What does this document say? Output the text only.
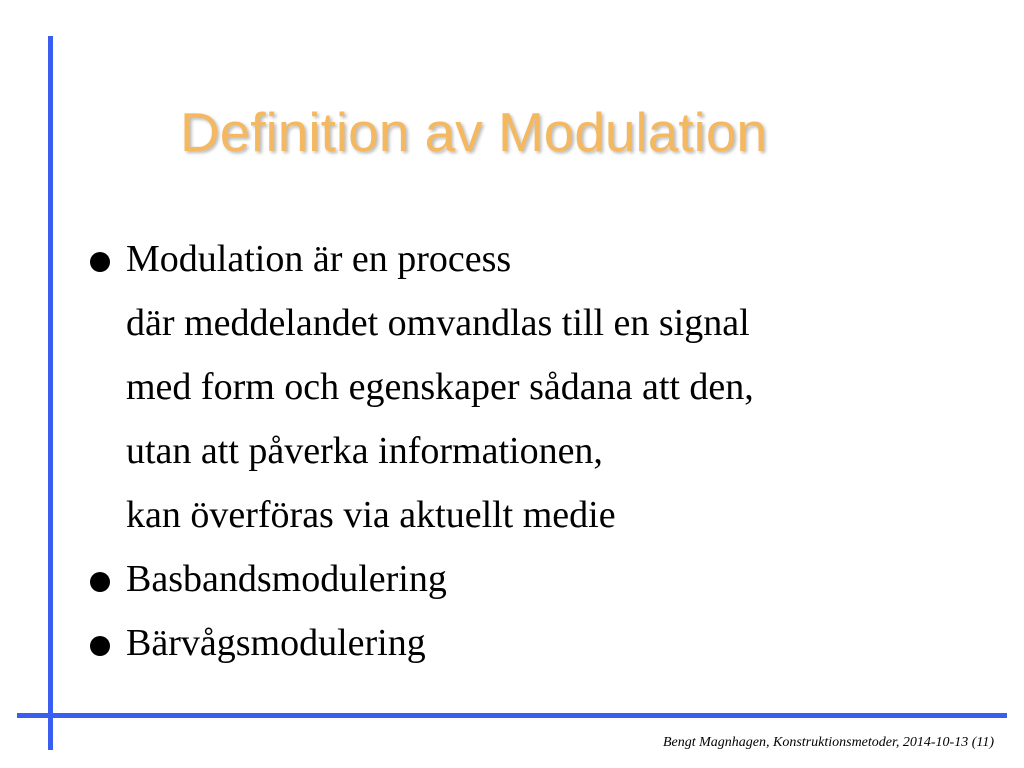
Definition av Modulation
Modulation är en process
där meddelandet omvandlas till en signal
med form och egenskaper sådana att den,
utan att påverka informationen,
kan överföras via aktuellt medie
Basbandsmodulering
Bärvågsmodulering
Bengt Magnhagen, Konstruktionsmetoder, 2014-10-13 (11)
